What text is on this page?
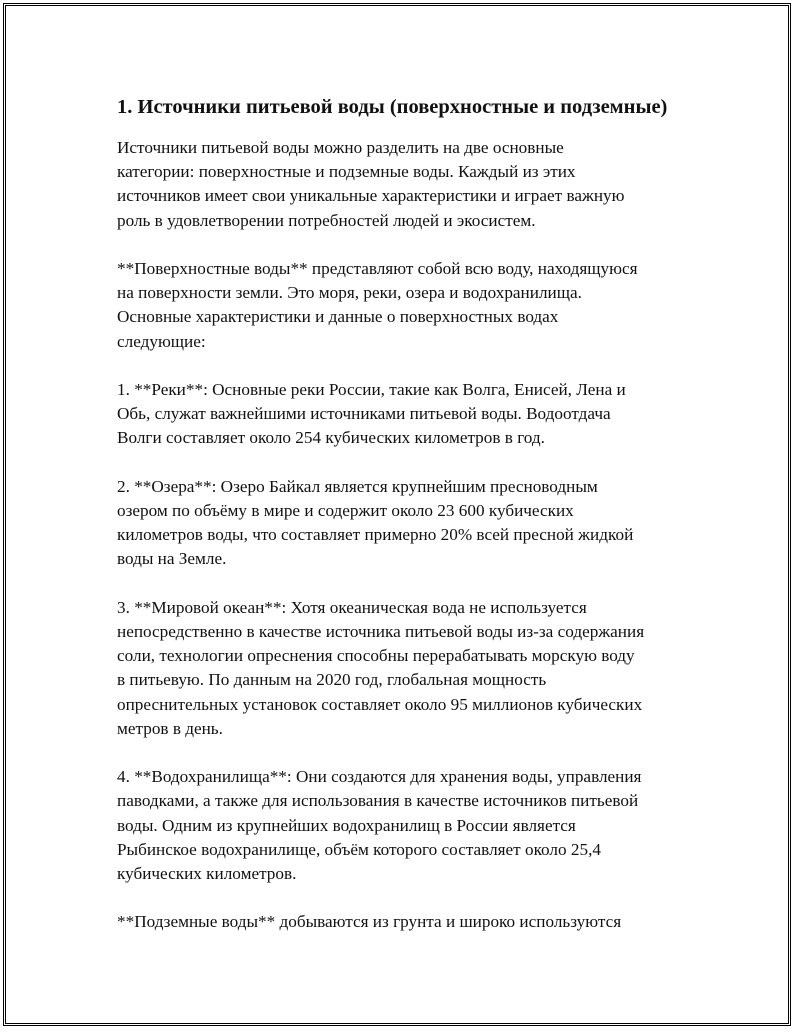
1. Источники питьевой воды (поверхностные и подземные)

Источники питьевой воды можно разделить на две основные
категории: поверхностные и подземные воды. Каждый из этих
источников имеет свои уникальные характеристики и играет важную
роль в удовлетворении потребностей людей и экосистем.

**Поверхностные воды** представляют собой всю воду, находящуюся
на поверхности земли. Это моря, реки, озера и водохранилища.
Основные характеристики и данные о поверхностных водах
следующие:

1. **Реки**: Основные реки России, такие как Волга, Енисей, Лена и
Обь, служат важнейшими источниками питьевой воды. Водоотдача
Волги составляет около 254 кубических километров в год.

2. **Озера**: Озеро Байкал является крупнейшим пресноводным
озером по объёму в мире и содержит около 23 600 кубических
километров воды, что составляет примерно 20% всей пресной жидкой
воды на Земле.

3. **Мировой океан**: Хотя океаническая вода не используется
непосредственно в качестве источника питьевой воды из-за содержания
соли, технологии опреснения способны перерабатывать морскую воду
в питьевую. По данным на 2020 год, глобальная мощность
опреснительных установок составляет около 95 миллионов кубических
метров в день.

4. **Водохранилища**: Они создаются для хранения воды, управления
паводками, а также для использования в качестве источников питьевой
воды. Одним из крупнейших водохранилищ в России является
Рыбинское водохранилище, объём которого составляет около 25,4
кубических километров.

**Подземные воды** добываются из грунта и широко используются
